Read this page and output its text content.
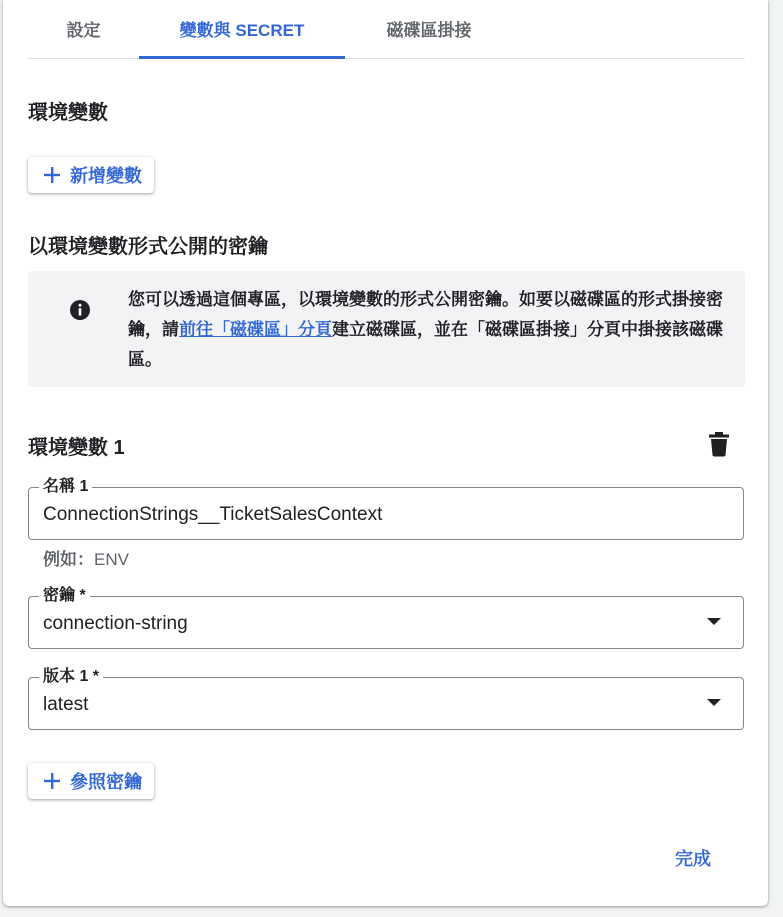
設定	變數與 SECRET	磁碟區掛接
環境變數
新增變數
以環境變數形式公開的密鑰
您可以透過這個專區，以環境變數的形式公開密鑰。如要以磁碟區的形式掛接密鑰，請前往「磁碟區」分頁建立磁碟區，並在「磁碟區掛接」分頁中掛接該磁碟區。
環境變數 1
名稱 1
ConnectionStrings__TicketSalesContext
例如：ENV
密鑰 *
connection-string
版本 1 *
latest
參照密鑰
完成
